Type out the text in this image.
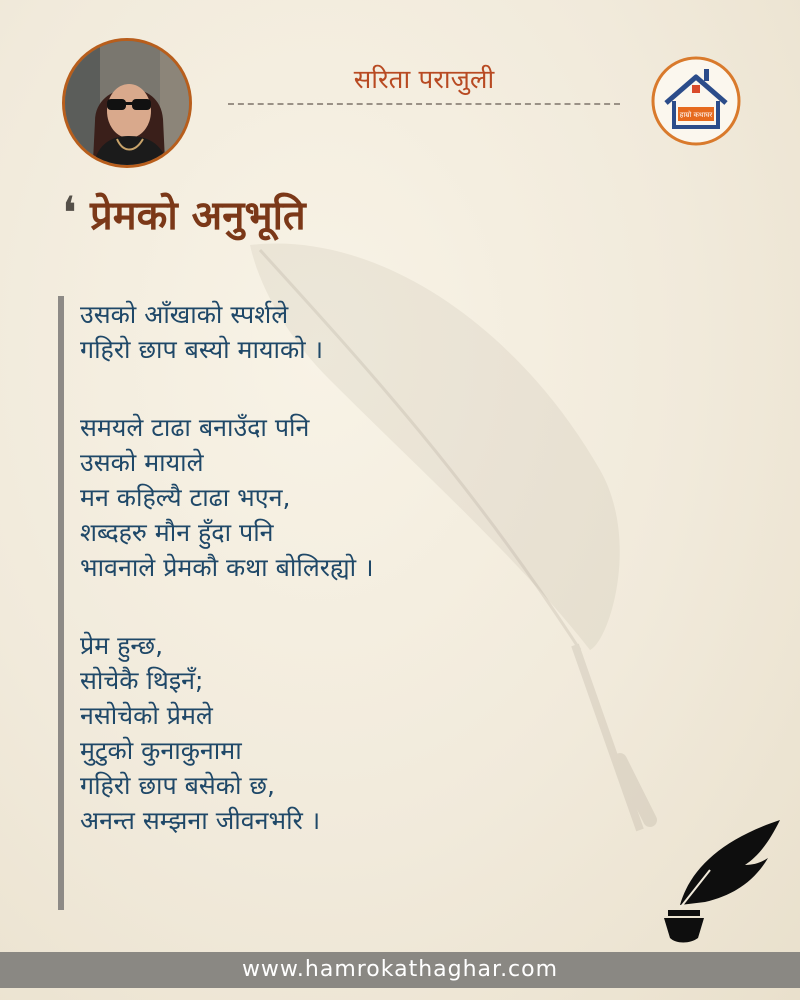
सरिता पराजुली
हाम्रो कथाघर
❛ प्रेमको अनुभूति
उसको आँखाको स्पर्शले
गहिरो छाप बस्यो मायाको ।
समयले टाढा बनाउँदा पनि
उसको मायाले
मन कहिल्यै टाढा भएन,
शब्दहरु मौन हुँदा पनि
भावनाले प्रेमकौ कथा बोलिरह्यो ।
प्रेम हुन्छ,
सोचेकै थिइनँ;
नसोचेको प्रेमले
मुटुको कुनाकुनामा
गहिरो छाप बसेको छ,
अनन्त सम्झना जीवनभरि ।
www.hamrokathaghar.com
